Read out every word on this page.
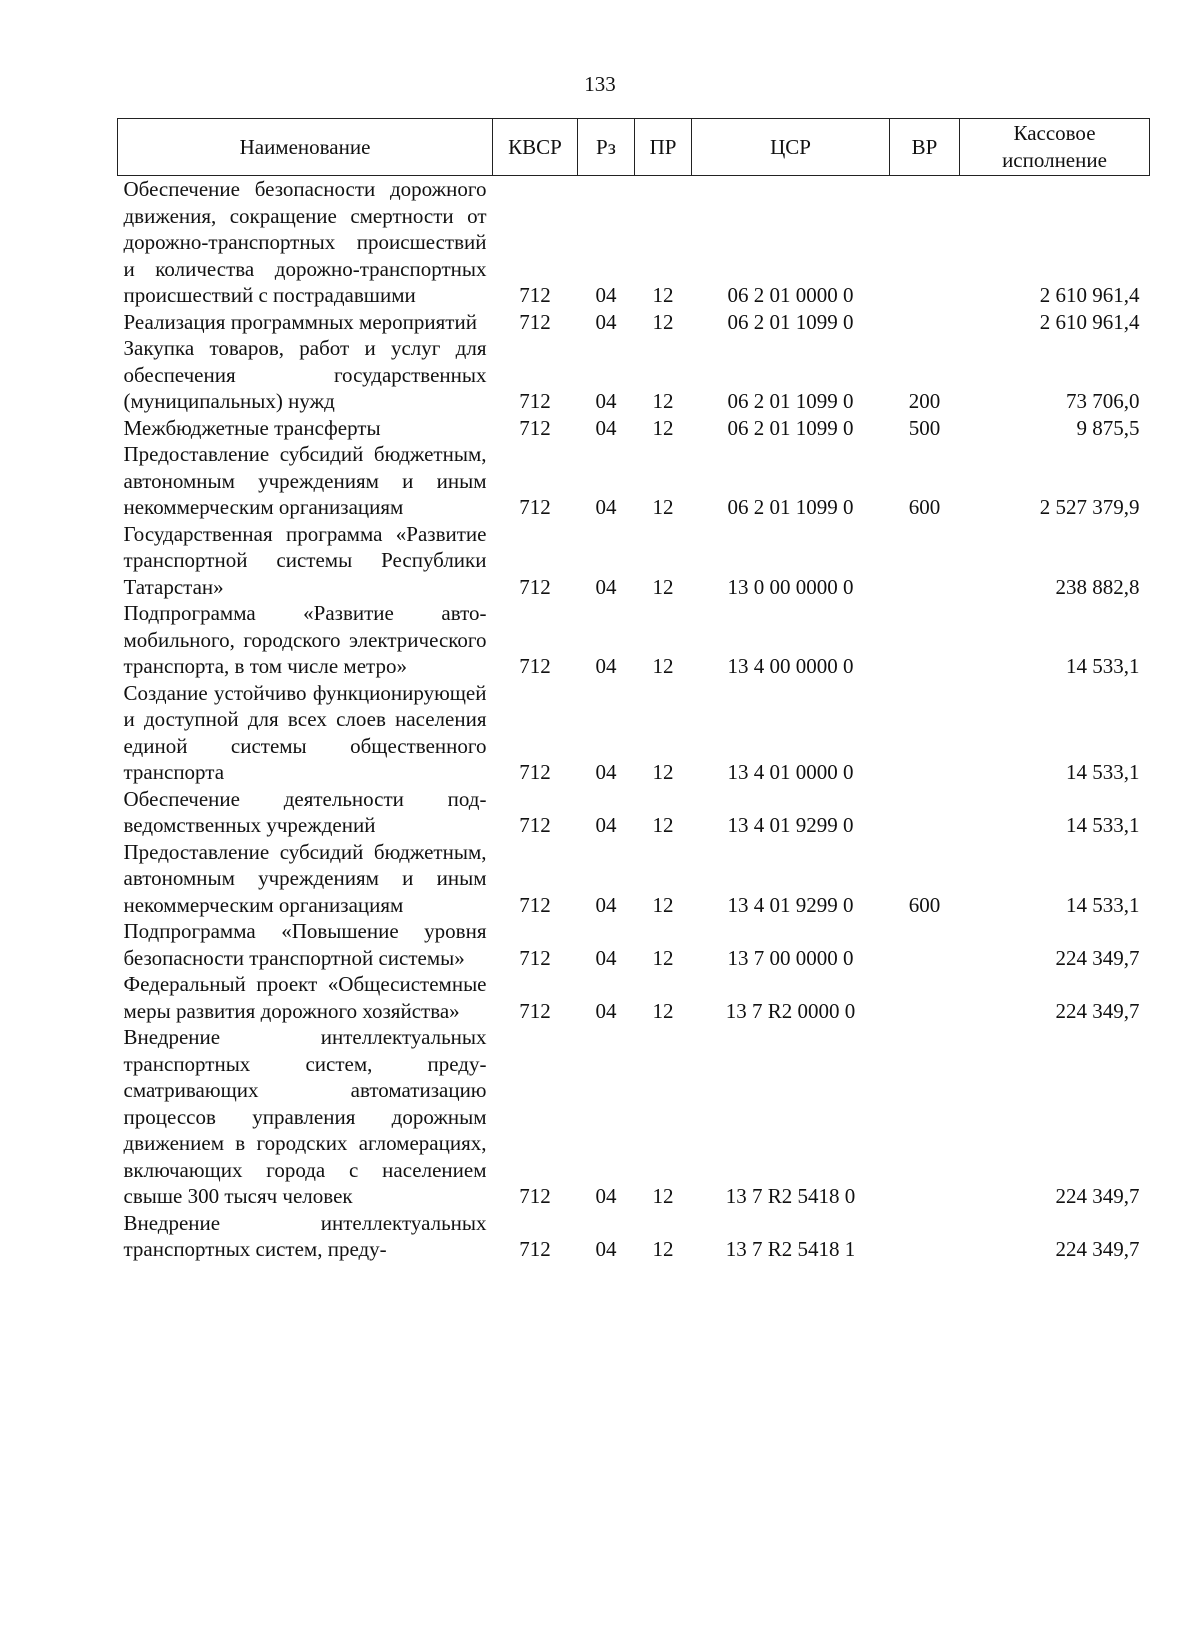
133
Наименование	КВСР	Рз	ПР	ЦСР	ВР	Кассовое исполнение
Обеспечение безопасности дорожного движения, сокращение смертности от дорожно-транспортных происшествий и количества дорожно-транспортных происшествий с пострадавшими	712	04	12	06 2 01 0000 0		2 610 961,4
Реализация программных мероприятий	712	04	12	06 2 01 1099 0		2 610 961,4
Закупка товаров, работ и услуг для обеспечения государственных (муниципальных) нужд	712	04	12	06 2 01 1099 0	200	73 706,0
Межбюджетные трансферты	712	04	12	06 2 01 1099 0	500	9 875,5
Предоставление субсидий бюджетным, автономным учреждениям и иным некоммерческим организациям	712	04	12	06 2 01 1099 0	600	2 527 379,9
Государственная программа «Развитие транспортной системы Республики Татарстан»	712	04	12	13 0 00 0000 0		238 882,8
Подпрограмма «Развитие автомобильного, городского электрического транспорта, в том числе метро»	712	04	12	13 4 00 0000 0		14 533,1
Создание устойчиво функционирующей и доступной для всех слоев населения единой системы общественного транспорта	712	04	12	13 4 01 0000 0		14 533,1
Обеспечение деятельности подведомственных учреждений	712	04	12	13 4 01 9299 0		14 533,1
Предоставление субсидий бюджетным, автономным учреждениям и иным некоммерческим организациям	712	04	12	13 4 01 9299 0	600	14 533,1
Подпрограмма «Повышение уровня безопасности транспортной системы»	712	04	12	13 7 00 0000 0		224 349,7
Федеральный проект «Общесистемные меры развития дорожного хозяйства»	712	04	12	13 7 R2 0000 0		224 349,7
Внедрение интеллектуальных транспортных систем, предусматривающих автоматизацию процессов управления дорожным движением в городских агломерациях, включающих города с населением свыше 300 тысяч человек	712	04	12	13 7 R2 5418 0		224 349,7
Внедрение интеллектуальных транспортных систем, преду-	712	04	12	13 7 R2 5418 1		224 349,7
